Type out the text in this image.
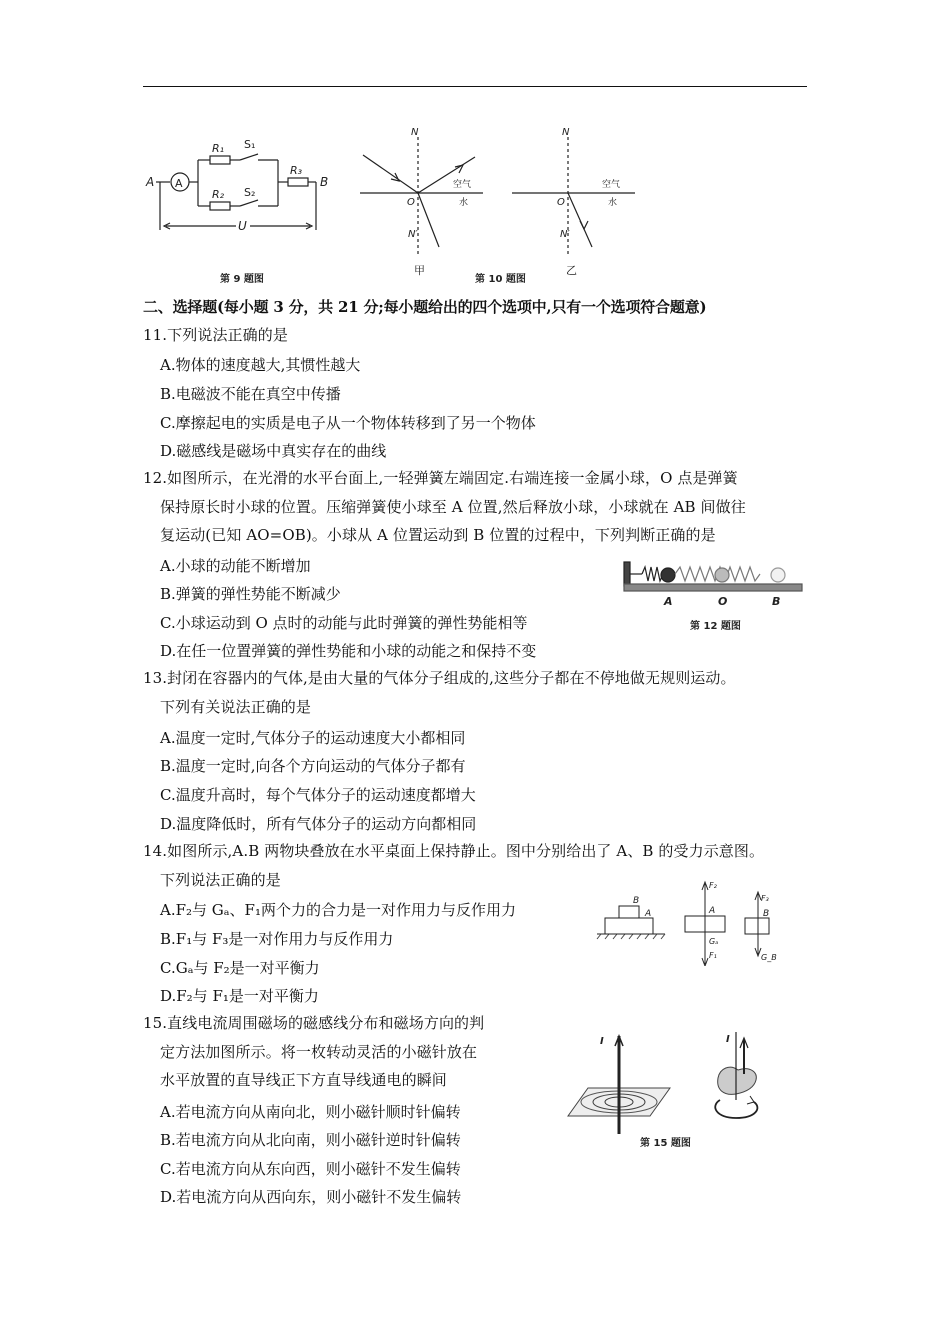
A A
R₁ S₁
R₂ S₂
R₃
B
U
第 9 题图
N
O
N′
空气
水
甲
第 10 题图
N
O
N′
空气
水
乙
二、选择题(每小题 3 分，共 21 分;每小题给出的四个选项中,只有一个选项符合题意)
11.下列说法正确的是
A.物体的速度越大,其惯性越大
B.电磁波不能在真空中传播
C.摩擦起电的实质是电子从一个物体转移到了另一个物体
D.磁感线是磁场中真实存在的曲线
12.如图所示，在光滑的水平台面上,一轻弹簧左端固定.右端连接一金属小球，O 点是弹簧
保持原长时小球的位置。压缩弹簧使小球至 A 位置,然后释放小球，小球就在 AB 间做往
复运动(已知 AO=OB)。小球从 A 位置运动到 B 位置的过程中，下列判断正确的是
A.小球的动能不断增加
B.弹簧的弹性势能不断减少
C.小球运动到 O 点时的动能与此时弹簧的弹性势能相等
D.在任一位置弹簧的弹性势能和小球的动能之和保持不变
A	O	B
第 12 题图
13.封闭在容器内的气体,是由大量的气体分子组成的,这些分子都在不停地做无规则运动。
下列有关说法正确的是
A.温度一定时,气体分子的运动速度大小都相同
B.温度一定时,向各个方向运动的气体分子都有
C.温度升高时，每个气体分子的运动速度都增大
D.温度降低时，所有气体分子的运动方向都相同
14.如图所示,A.B 两物块叠放在水平桌面上保持静止。图中分别给出了 A、B 的受力示意图。
下列说法正确的是
A.F₂与 Gₐ、F₁两个力的合力是一对作用力与反作用力
B.F₁与 F₃是一对作用力与反作用力
C.Gₐ与 F₂是一对平衡力
D.F₂与 F₁是一对平衡力
A
B
F₂
A
Gₐ
F₁
F₃
B
G_B
15.直线电流周围磁场的磁感线分布和磁场方向的判
定方法加图所示。将一枚转动灵活的小磁针放在
水平放置的直导线正下方直导线通电的瞬间
A.若电流方向从南向北，则小磁针顺时针偏转
B.若电流方向从北向南，则小磁针逆时针偏转
C.若电流方向从东向西，则小磁针不发生偏转
D.若电流方向从西向东，则小磁针不发生偏转
I	I
第 15 题图
